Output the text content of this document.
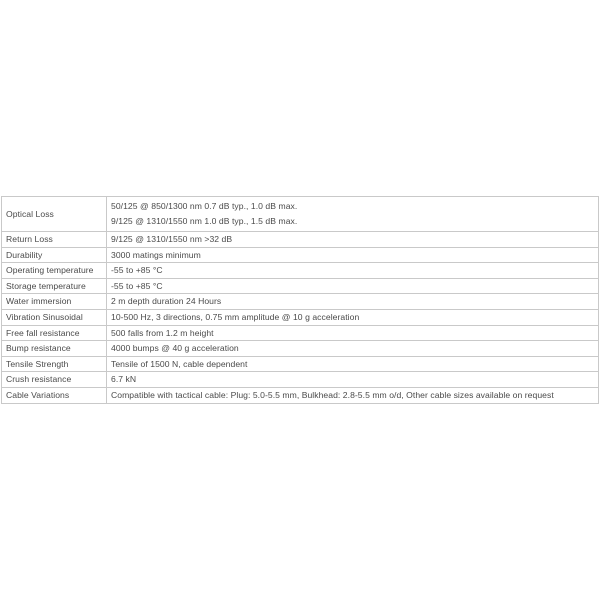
Optical Loss	50/125 @ 850/1300 nm 0.7 dB typ., 1.0 dB max.
9/125 @ 1310/1550 nm 1.0 dB typ., 1.5 dB max.

Return Loss	9/125 @ 1310/1550 nm >32 dB
Durability	3000 matings minimum
Operating temperature	-55 to +85 °C
Storage temperature	-55 to +85 °C
Water immersion	2 m depth duration 24 Hours
Vibration Sinusoidal	10-500 Hz, 3 directions, 0.75 mm amplitude @ 10 g acceleration
Free fall resistance	500 falls from 1.2 m height
Bump resistance	4000 bumps @ 40 g acceleration
Tensile Strength	Tensile of 1500 N, cable dependent
Crush resistance	6.7 kN
Cable Variations	Compatible with tactical cable: Plug: 5.0-5.5 mm, Bulkhead: 2.8-5.5 mm o/d, Other cable sizes available on request
